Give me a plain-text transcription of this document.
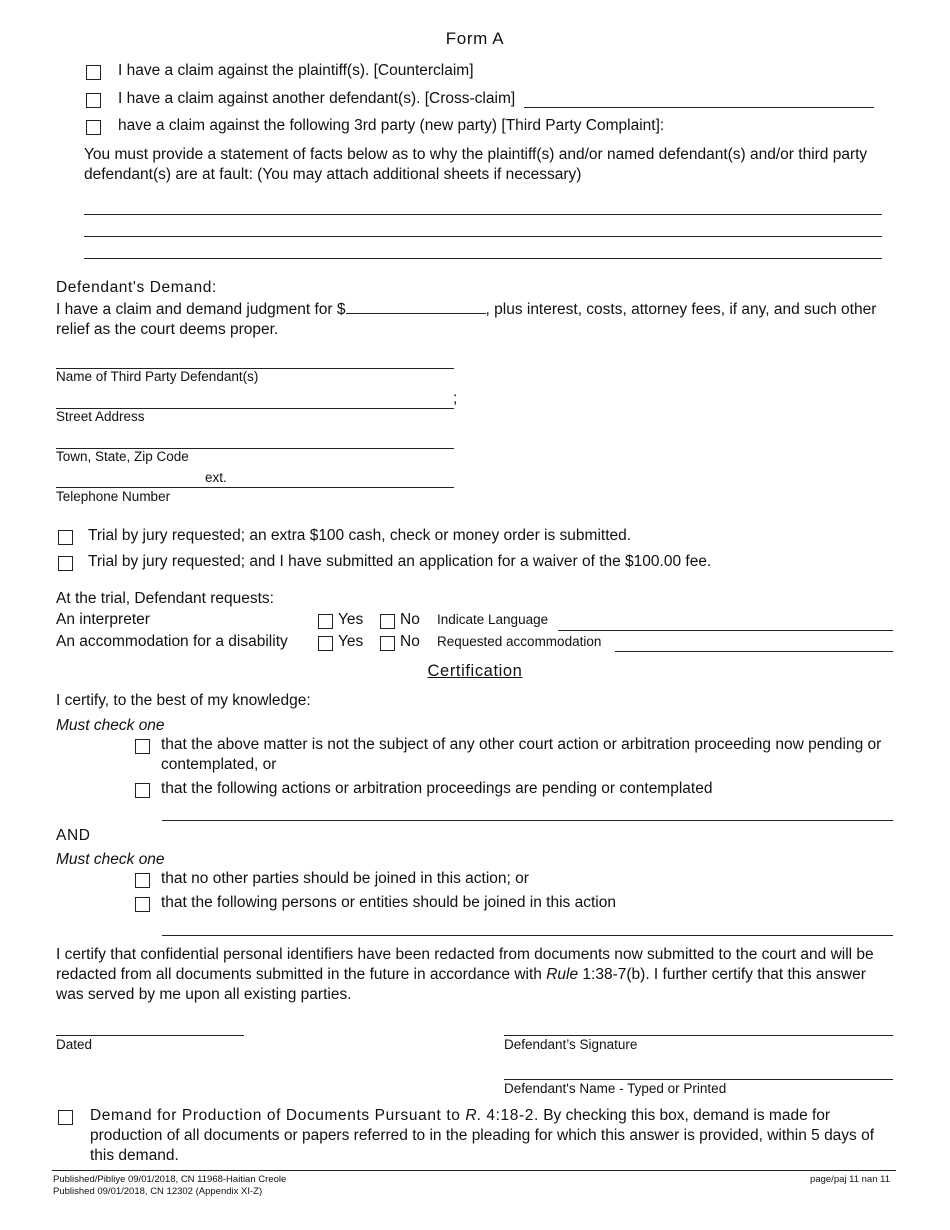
Form A
I have a claim against the plaintiff(s). [Counterclaim]
I have a claim against another defendant(s). [Cross-claim]
have a claim against the following 3rd party (new party) [Third Party Complaint]:
You must provide a statement of facts below as to why the plaintiff(s) and/or named defendant(s) and/or third party defendant(s) are at fault: (You may attach additional sheets if necessary)
Defendant's Demand:
I have a claim and demand judgment for $	, plus interest, costs, attorney fees, if any, and such other relief as the court deems proper.
Name of Third Party Defendant(s)
;
Street Address
Town, State, Zip Code
ext.
Telephone Number
Trial by jury requested; an extra $100 cash, check or money order is submitted.
Trial by jury requested; and I have submitted an application for a waiver of the $100.00 fee.
At the trial, Defendant requests:
An interpreter	Yes No Indicate Language
An accommodation for a disability	Yes No Requested accommodation
Certification
I certify, to the best of my knowledge:
Must check one
that the above matter is not the subject of any other court action or arbitration proceeding now pending or contemplated, or
that the following actions or arbitration proceedings are pending or contemplated
AND
Must check one
that no other parties should be joined in this action; or
that the following persons or entities should be joined in this action
I certify that confidential personal identifiers have been redacted from documents now submitted to the court and will be redacted from all documents submitted in the future in accordance with Rule 1:38-7(b). I further certify that this answer was served by me upon all existing parties.
Dated	Defendant’s Signature
Defendant's Name - Typed or Printed
Demand for Production of Documents Pursuant to R. 4:18-2. By checking this box, demand is made for production of all documents or papers referred to in the pleading for which this answer is provided, within 5 days of this demand.
Published/Pibliye 09/01/2018, CN 11968-Haitian Creole
Published 09/01/2018, CN 12302 (Appendix XI-Z)
page/paj 11 nan 11
